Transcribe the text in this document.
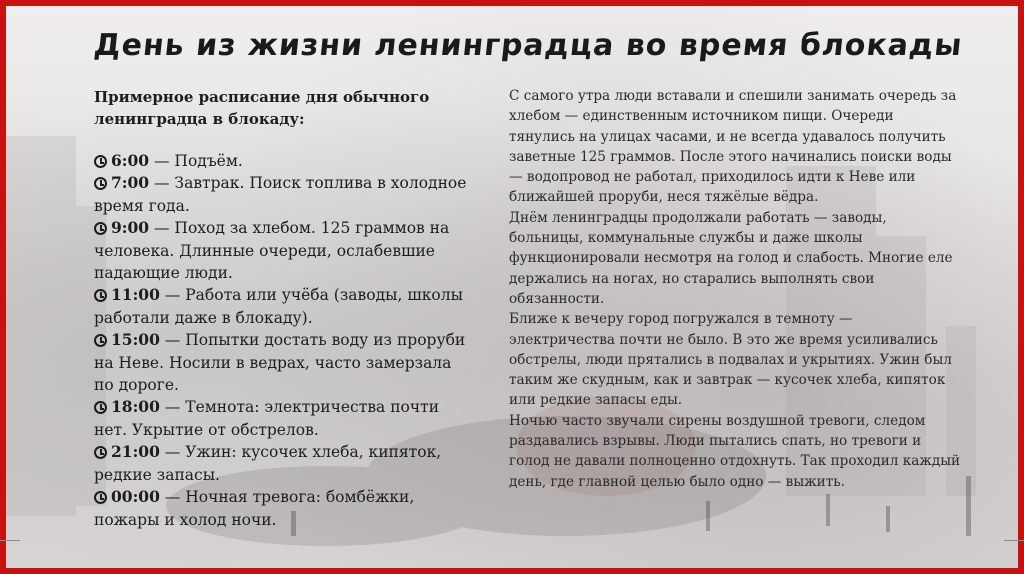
День из жизни ленинградца во время блокады
Примерное расписание дня обычного
ленинградца в блокаду:

6:00 — Подъём.

7:00 — Завтрак. Поиск топлива в холодное время года.

9:00 — Поход за хлебом. 125 граммов на человека. Длинные очереди, ослабевшие падающие люди.

11:00 — Работа или учёба (заводы, школы работали даже в блокаду).

15:00 — Попытки достать воду из проруби на Неве. Носили в ведрах, часто замерзала по дороге.

18:00 — Темнота: электричества почти нет. Укрытие от обстрелов.

21:00 — Ужин: кусочек хлеба, кипяток, редкие запасы.

00:00 — Ночная тревога: бомбёжки, пожары и холод ночи.

С самого утра люди вставали и спешили занимать очередь за хлебом — единственным источником пищи. Очереди тянулись на улицах часами, и не всегда удавалось получить заветные 125 граммов. После этого начинались поиски воды — водопровод не работал, приходилось идти к Неве или ближайшей проруби, неся тяжёлые вёдра.

Днём ленинградцы продолжали работать — заводы, больницы, коммунальные службы и даже школы функционировали несмотря на голод и слабость. Многие еле держались на ногах, но старались выполнять свои обязанности.

Ближе к вечеру город погружался в темноту — электричества почти не было. В это же время усиливались обстрелы, люди прятались в подвалах и укрытиях. Ужин был таким же скудным, как и завтрак — кусочек хлеба, кипяток или редкие запасы еды.

Ночью часто звучали сирены воздушной тревоги, следом раздавались взрывы. Люди пытались спать, но тревоги и голод не давали полноценно отдохнуть. Так проходил каждый день, где главной целью было одно — выжить.
